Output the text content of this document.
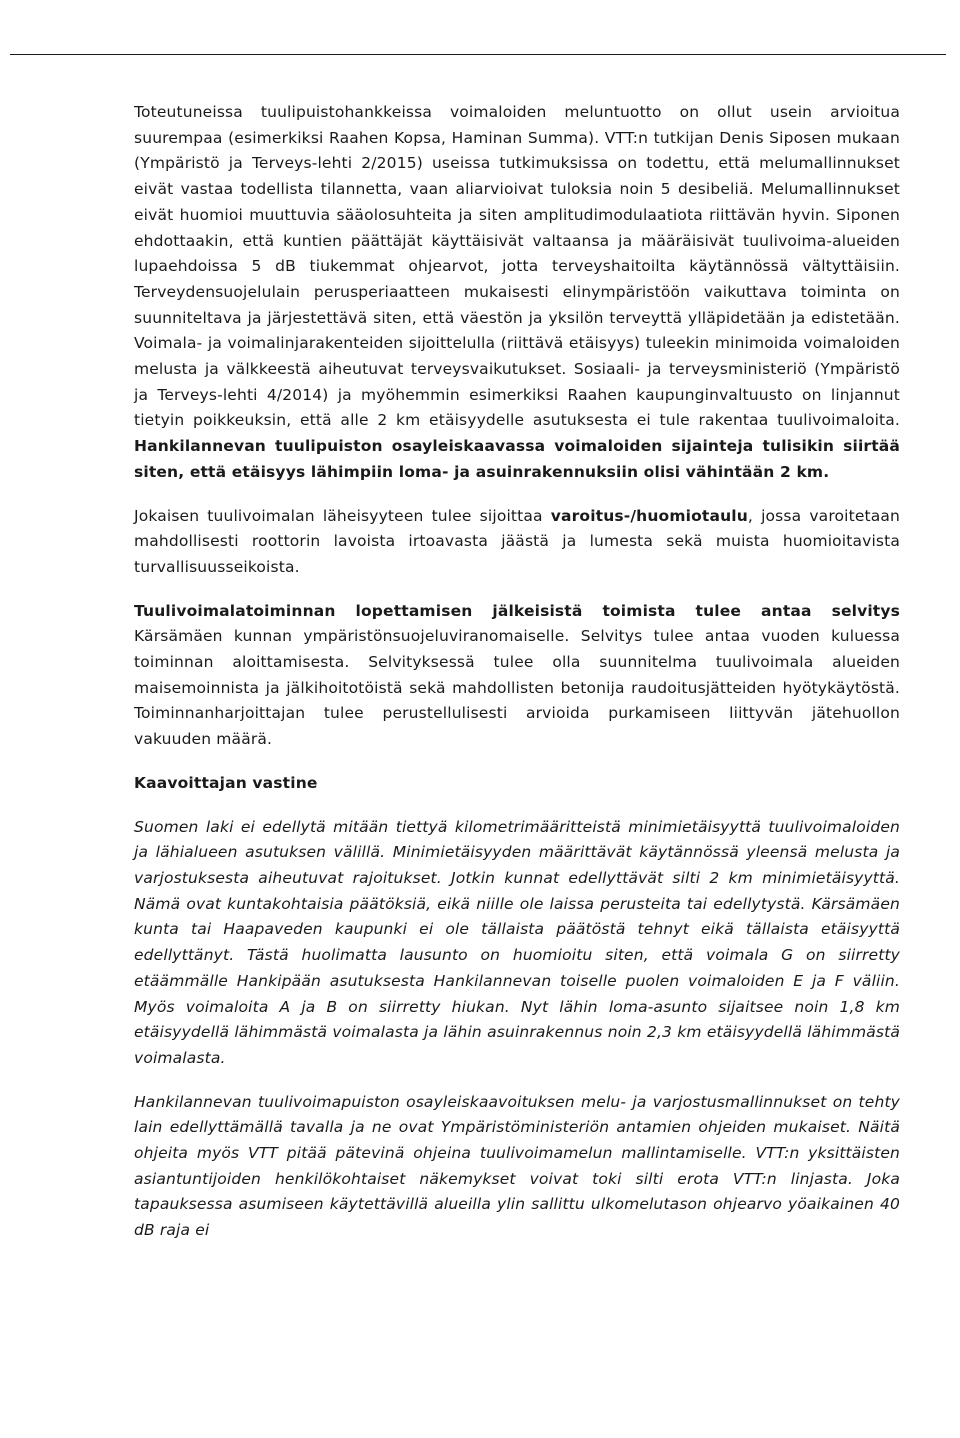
FCG SUUNNITTELU JA TEKNIIKKA OY	HANKILANNEVAN TUULIVOIMAPUISTON OSAYLEISKAAVA	15 (24)
11.6.2015	Vastine luonnosvaiheen lausuntoihin ja mielipiteisiin

Toteutuneissa tuulipuistohankkeissa voimaloiden meluntuotto on ollut usein arvioitua suurempaa (esimerkiksi Raahen Kopsa, Haminan Summa). VTT:n tutkijan Denis Siposen mukaan (Ympäristö ja Terveys-lehti 2/2015) useissa tutkimuksissa on todettu, että melumallinnukset eivät vastaa todellista tilannetta, vaan aliarvioivat tuloksia noin 5 desibeliä. Melumallinnukset eivät huomioi muuttuvia sääolosuhteita ja siten amplitudimodulaatiota riittävän hyvin. Siponen ehdottaakin, että kuntien päättäjät käyttäisivät valtaansa ja määräisivät tuulivoima-alueiden lupaehdoissa 5 dB tiukemmat ohjearvot, jotta terveyshaitoilta käytännössä vältyttäisiin. Terveydensuojelulain perusperiaatteen mukaisesti elinympäristöön vaikuttava toiminta on suunniteltava ja järjestettävä siten, että väestön ja yksilön terveyttä ylläpidetään ja edistetään. Voimala- ja voimalinjarakenteiden sijoittelulla (riittävä etäisyys) tuleekin minimoida voimaloiden melusta ja välkkeestä aiheutuvat terveysvaikutukset. Sosiaali- ja terveysministeriö (Ympäristö ja Terveys-lehti 4/2014) ja myöhemmin esimerkiksi Raahen kaupunginvaltuusto on linjannut tietyin poikkeuksin, että alle 2 km etäisyydelle asutuksesta ei tule rakentaa tuulivoimaloita. Hankilannevan tuulipuiston osayleiskaavassa voimaloiden sijainteja tulisikin siirtää siten, että etäisyys lähimpiin loma- ja asuinrakennuksiin olisi vähintään 2 km.

Jokaisen tuulivoimalan läheisyyteen tulee sijoittaa varoitus-/huomiotaulu, jossa varoitetaan mahdollisesti roottorin lavoista irtoavasta jäästä ja lumesta sekä muista huomioitavista turvallisuusseikoista.

Tuulivoimalatoiminnan lopettamisen jälkeisistä toimista tulee antaa selvitys Kärsämäen kunnan ympäristönsuojeluviranomaiselle. Selvitys tulee antaa vuoden kuluessa toiminnan aloittamisesta. Selvityksessä tulee olla suunnitelma tuulivoimala alueiden maisemoinnista ja jälkihoitotöistä sekä mahdollisten betonija raudoitusjätteiden hyötykäytöstä. Toiminnanharjoittajan tulee perustellulisesti arvioida purkamiseen liittyvän jätehuollon vakuuden määrä.

Kaavoittajan vastine

Suomen laki ei edellytä mitään tiettyä kilometrimääritteistä minimietäisyyttä tuulivoimaloiden ja lähialueen asutuksen välillä. Minimietäisyyden määrittävät käytännössä yleensä melusta ja varjostuksesta aiheutuvat rajoitukset. Jotkin kunnat edellyttävät silti 2 km minimietäisyyttä. Nämä ovat kuntakohtaisia päätöksiä, eikä niille ole laissa perusteita tai edellytystä. Kärsämäen kunta tai Haapaveden kaupunki ei ole tällaista päätöstä tehnyt eikä tällaista etäisyyttä edellyttänyt. Tästä huolimatta lausunto on huomioitu siten, että voimala G on siirretty etäämmälle Hankipään asutuksesta Hankilannevan toiselle puolen voimaloiden E ja F väliin. Myös voimaloita A ja B on siirretty hiukan. Nyt lähin loma-asunto sijaitsee noin 1,8 km etäisyydellä lähimmästä voimalasta ja lähin asuinrakennus noin 2,3 km etäisyydellä lähimmästä voimalasta.

Hankilannevan tuulivoimapuiston osayleiskaavoituksen melu- ja varjostusmallinnukset on tehty lain edellyttämällä tavalla ja ne ovat Ympäristöministeriön antamien ohjeiden mukaiset. Näitä ohjeita myös VTT pitää pätevinä ohjeina tuulivoimamelun mallintamiselle. VTT:n yksittäisten asiantuntijoiden henkilökohtaiset näkemykset voivat toki silti erota VTT:n linjasta. Joka tapauksessa asumiseen käytettävillä alueilla ylin sallittu ulkomelutason ohjearvo yöaikainen 40 dB raja ei

FCG Suunnittelu ja tekniikka Oy
Hallituskatu13-17 D, 7. kerros, 90100 Oulu
Puh. 010 4090, fax 010 409 6250, www.fcg.fi
Y-tunnus 2474031-0
Kotipaikka Helsinki
